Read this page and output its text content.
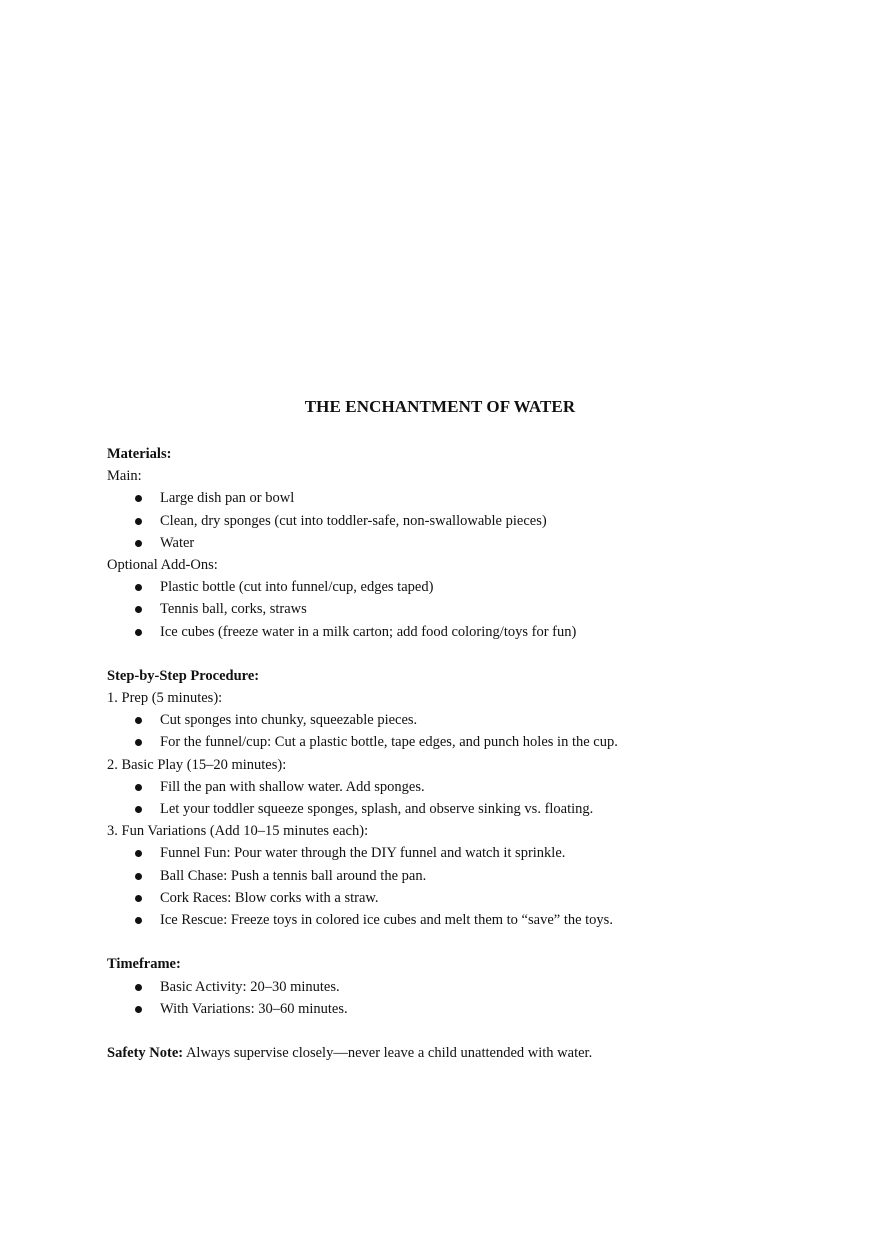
THE ENCHANTMENT OF WATER
Materials:
Main:
Large dish pan or bowl
Clean, dry sponges (cut into toddler-safe, non-swallowable pieces)
Water
Optional Add-Ons:
Plastic bottle (cut into funnel/cup, edges taped)
Tennis ball, corks, straws
Ice cubes (freeze water in a milk carton; add food coloring/toys for fun)
Step-by-Step Procedure:
1. Prep (5 minutes):
Cut sponges into chunky, squeezable pieces.
For the funnel/cup: Cut a plastic bottle, tape edges, and punch holes in the cup.
2. Basic Play (15–20 minutes):
Fill the pan with shallow water. Add sponges.
Let your toddler squeeze sponges, splash, and observe sinking vs. floating.
3. Fun Variations (Add 10–15 minutes each):
Funnel Fun: Pour water through the DIY funnel and watch it sprinkle.
Ball Chase: Push a tennis ball around the pan.
Cork Races: Blow corks with a straw.
Ice Rescue: Freeze toys in colored ice cubes and melt them to “save” the toys.
Timeframe:
Basic Activity: 20–30 minutes.
With Variations: 30–60 minutes.
Safety Note: Always supervise closely—never leave a child unattended with water.
